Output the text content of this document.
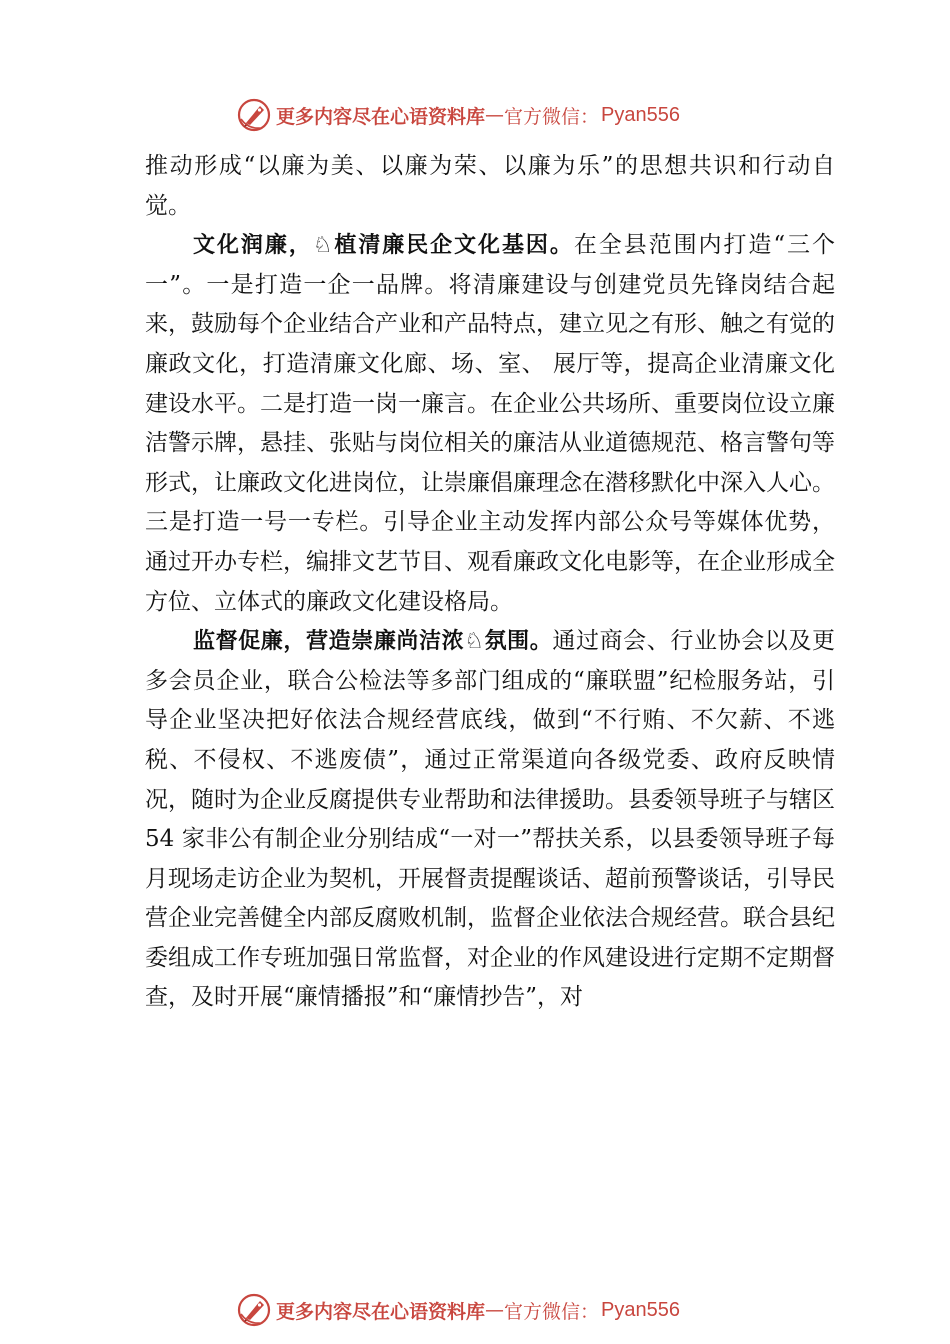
更多内容尽在心语资料库 — 官方微信： Pyan556

推动形成“以廉为美、以廉为荣、以廉为乐”的思想共识和行动自觉。

文化润廉，♘植清廉民企文化基因。在全县范围内打造“三个一”。一是打造一企一品牌。将清廉建设与创建党员先锋岗结合起来，鼓励每个企业结合产业和产品特点，建立见之有形、触之有觉的廉政文化，打造清廉文化廊、场、室、 展厅等，提高企业清廉文化建设水平。二是打造一岗一廉言。在企业公共场所、重要岗位设立廉洁警示牌，悬挂、张贴与岗位相关的廉洁从业道德规范、格言警句等形式，让廉政文化进岗位，让崇廉倡廉理念在潜移默化中深入人心。三是打造一号一专栏。引导企业主动发挥内部公众号等媒体优势， 通过开办专栏，编排文艺节目、观看廉政文化电影等，在企业形成全方位、立体式的廉政文化建设格局。

监督促廉，营造崇廉尚洁浓♘氛围。通过商会、行业协会以及更多会员企业，联合公检法等多部门组成的“廉联盟”纪检服务站，引导企业坚决把好依法合规经营底线，做到“不行贿、不欠薪、不逃税、不侵权、不逃废债”，通过正常渠道向各级党委、政府反映情况，随时为企业反腐提供专业帮助和法律援助。县委领导班子与辖区 54 家非公有制企业分别结成“一对一”帮扶关系，以县委领导班子每月现场走访企业为契机，开展督责提醒谈话、超前预警谈话，引导民营企业完善健全内部反腐败机制，监督企业依法合规经营。联合县纪委组成工作专班加强日常监督，对企业的作风建设进行定期不定期督查，及时开展“廉情播报”和“廉情抄告”，对

更多内容尽在心语资料库 — 官方微信： Pyan556
